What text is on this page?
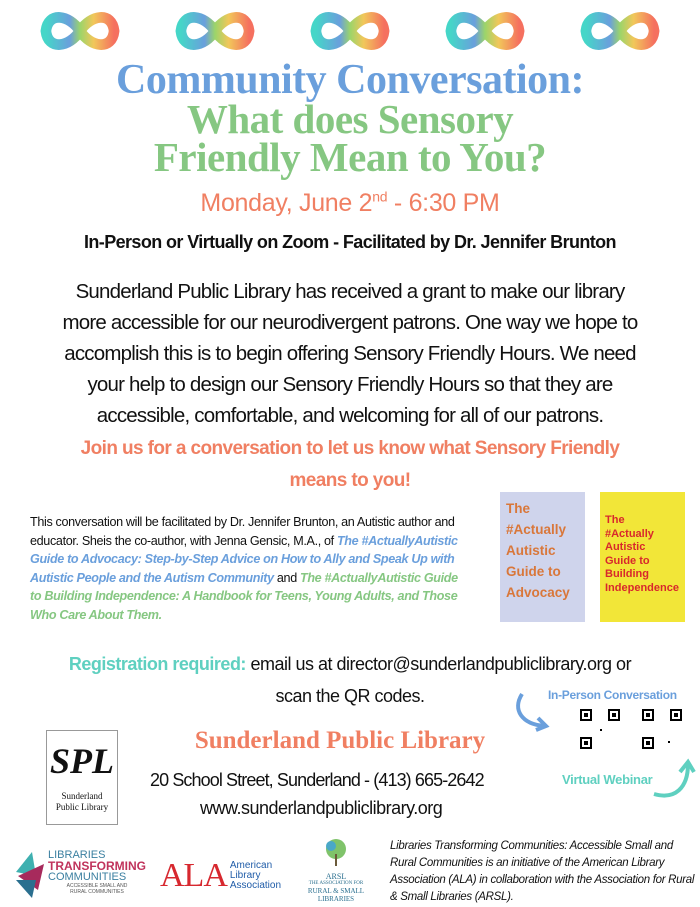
Community Conversation:
What does Sensory
Friendly Mean to You?
Monday, June 2nd - 6:30 PM
In-Person or Virtually on Zoom - Facilitated by Dr. Jennifer Brunton
Sunderland Public Library has received a grant to make our library
more accessible for our neurodivergent patrons. One way we hope to
accomplish this is to begin offering Sensory Friendly Hours. We need
your help to design our Sensory Friendly Hours so that they are
accessible, comfortable, and welcoming for all of our patrons.
Join us for a conversation to let us know what Sensory Friendly
means to you!
This conversation will be facilitated by Dr. Jennifer Brunton, an Autistic author and educator. Sheis the co-author, with Jenna Gensic, M.A., of The #ActuallyAutistic Guide to Advocacy: Step-by-Step Advice on How to Ally and Speak Up with Autistic People and the Autism Community and The #ActuallyAutistic Guide to Building Independence: A Handbook for Teens, Young Adults, and Those Who Care About Them.
The
#Actually
Autistic
Guide to
Advocacy
The
#Actually
Autistic
Guide to
Building
Independence
Registration required: email us at director@sunderlandpubliclibrary.org or
scan the QR codes.	In-Person Conversation
Virtual Webinar
SPL
Sunderland
Public Library
Sunderland Public Library
20 School Street, Sunderland - (413) 665-2642
www.sunderlandpubliclibrary.org
LIBRARIES
TRANSFORMING
COMMUNITIES
ACCESSIBLE SMALL AND
RURAL COMMUNITIES	ALA American
Library
Association
ARSL
THE ASSOCIATION FOR
RURAL & SMALL
LIBRARIES
Libraries Transforming Communities: Accessible Small and Rural Communities is an initiative of the American Library Association (ALA) in collaboration with the Association for Rural & Small Libraries (ARSL).
